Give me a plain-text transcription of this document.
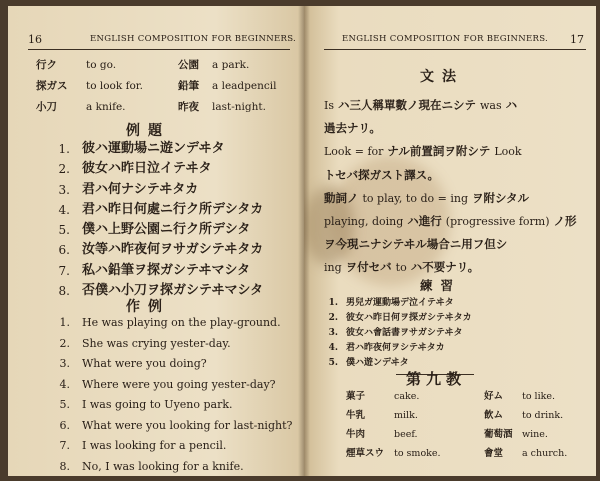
16	ENGLISH COMPOSITION FOR BEGINNERS.
行ク	to go.	公園	a park.
探ガス	to look for.	鉛筆	a leadpencil
小刀	a knife.	昨夜	last-night.
例題
1. 彼ハ運動場ニ遊ンデヰタ
2. 彼女ハ昨日泣イテヰタ
3. 君ハ何ナシテヰタカ
4. 君ハ昨日何處ニ行ク所デシタカ
5. 僕ハ上野公園ニ行ク所デシタ
6. 汝等ハ昨夜何ヲサガシテヰタカ
7. 私ハ鉛筆ヲ探ガシテヰマシタ
8. 否僕ハ小刀ヲ探ガシテヰマシタ
作例
1. He was playing on the play-ground.
2. She was crying yester-day.
3. What were you doing?
4. Where were you going yester-day?
5. I was going to Uyeno park.
6. What were you looking for last-night?
7. I was looking for a pencil.
8. No, I was looking for a knife.
ENGLISH COMPOSITION FOR BEGINNERS. 17
文法
Is ハ三人稱單數ノ現在ニシテ was ハ
過去ナリ。
Look = for ナル前置詞ヲ附シテ Look
トセバ探ガスト譯ス。
動詞ノ to play, to do = ing ヲ附シタル
playing, doing ハ進行 (progressive form) ノ形
ヲ今現ニナシテヰル場合ニ用フ但シ
ing ヲ付セバ to ハ不要ナリ。
練習
1. 男兒ガ運動場デ泣イテヰタ
2. 彼女ハ昨日何ヲ探ガシテヰタカ
3. 彼女ハ會話書ヲサガシテヰタ
4. 君ハ昨夜何ヲシテヰタカ
5. 僕ハ遊ンデヰタ
第九教
菓子	cake.	好ム	to like.
牛乳	milk.	飲ム	to drink.
牛肉	beef.	葡萄酒 wine.
煙草スウ	to smoke.	會堂	a church.
